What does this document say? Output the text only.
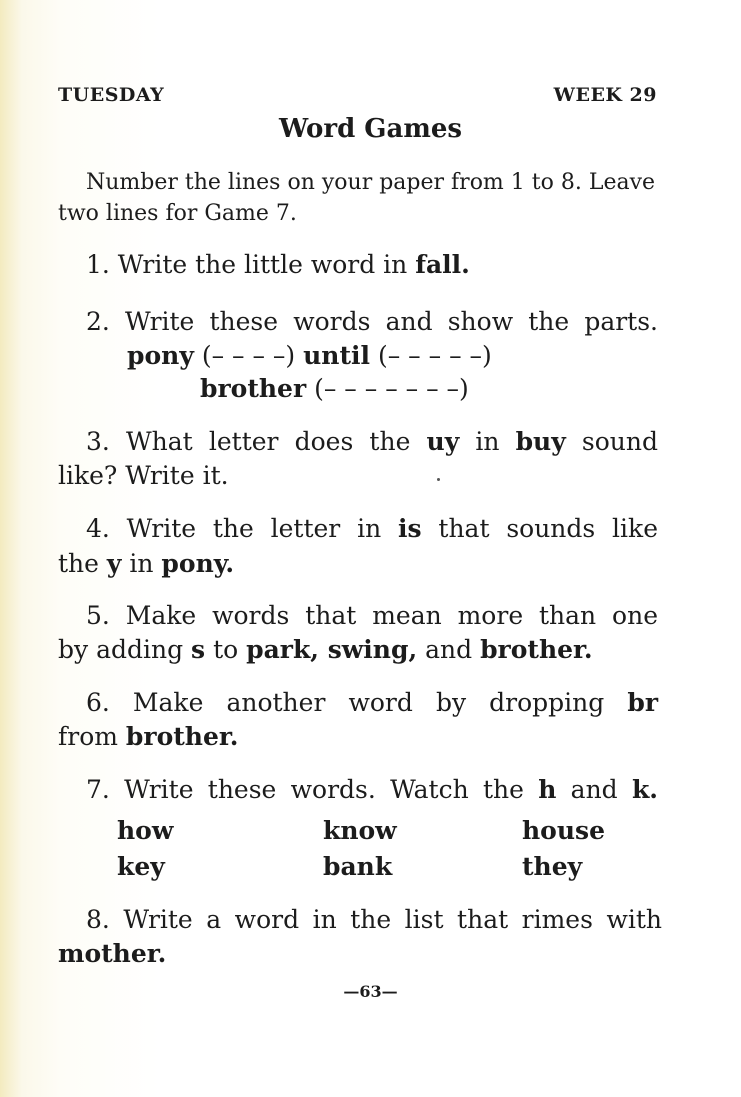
TUESDAY	WEEK 29
Word Games
Number the lines on your paper from 1 to 8. Leave
two lines for Game 7.
1. Write the little word in fall.
2. Write these words and show the parts.
pony (– – – –) until (– – – – –)
brother (– – – – – – –)
3. What letter does the uy in buy sound
like? Write it.
4. Write the letter in is that sounds like
the y in pony.
5. Make words that mean more than one
by adding s to park, swing, and brother.
6. Make another word by dropping br
from brother.
7. Write these words. Watch the h and k.
how	know	house
key	bank	they
8. Write a word in the list that rimes with
mother.
—63—
